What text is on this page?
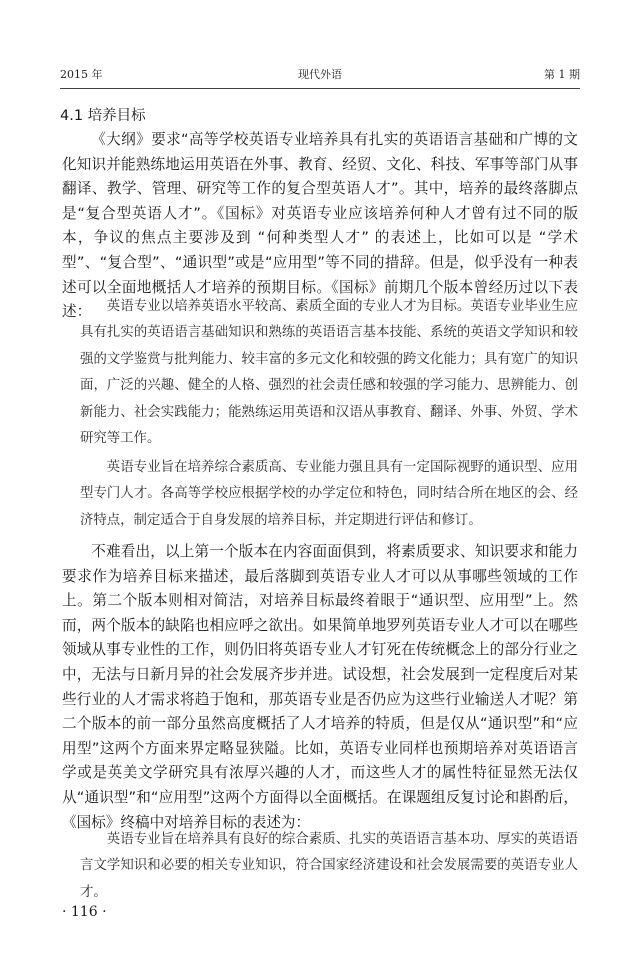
2015 年	现代外语	第 1 期
4.1 培养目标

《大纲》要求“高等学校英语专业培养具有扎实的英语语言基础和广博的文化知识并能熟练地运用英语在外事、教育、经贸、文化、科技、军事等部门从事翻译、教学、管理、研究等工作的复合型英语人才”。其中，培养的最终落脚点是“复合型英语人才”。《国标》对英语专业应该培养何种人才曾有过不同的版本，争议的焦点主要涉及到 “何种类型人才” 的表述上，比如可以是 “学术型”、“复合型”、“通识型”或是“应用型”等不同的措辞。但是，似乎没有一种表述可以全面地概括人才培养的预期目标。《国标》前期几个版本曾经历过以下表述：	英语专业以培养英语水平较高、素质全面的专业人才为目标。英语专业毕业生应具有扎实的英语语言基础知识和熟练的英语语言基本技能、系统的英语文学知识和较强的文学鉴赏与批判能力、较丰富的多元文化和较强的跨文化能力；具有宽广的知识面，广泛的兴趣、健全的人格、强烈的社会责任感和较强的学习能力、思辨能力、创新能力、社会实践能力；能熟练运用英语和汉语从事教育、翻译、外事、外贸、学术研究等工作。

英语专业旨在培养综合素质高、专业能力强且具有一定国际视野的通识型、应用型专门人才。各高等学校应根据学校的办学定位和特色，同时结合所在地区的会、经济特点，制定适合于自身发展的培养目标，并定期进行评估和修订。

不难看出，以上第一个版本在内容面面俱到，将素质要求、知识要求和能力要求作为培养目标来描述，最后落脚到英语专业人才可以从事哪些领域的工作上。第二个版本则相对简洁，对培养目标最终着眼于“通识型、应用型”上。然而，两个版本的缺陷也相应呼之欲出。如果简单地罗列英语专业人才可以在哪些领域从事专业性的工作，则仍旧将英语专业人才钉死在传统概念上的部分行业之中，无法与日新月异的社会发展齐步并进。试设想，社会发展到一定程度后对某些行业的人才需求将趋于饱和，那英语专业是否仍应为这些行业输送人才呢？第二个版本的前一部分虽然高度概括了人才培养的特质，但是仅从“通识型”和“应用型”这两个方面来界定略显狭隘。比如，英语专业同样也预期培养对英语语言学或是英美文学研究具有浓厚兴趣的人才，而这些人才的属性特征显然无法仅从“通识型”和“应用型”这两个方面得以全面概括。在课题组反复讨论和斟酌后，《国标》终稿中对培养目标的表述为：

英语专业旨在培养具有良好的综合素质、扎实的英语语言基本功、厚实的英语语言文学知识和必要的相关专业知识，符合国家经济建设和社会发展需要的英语专业人才。

· 116 ·
